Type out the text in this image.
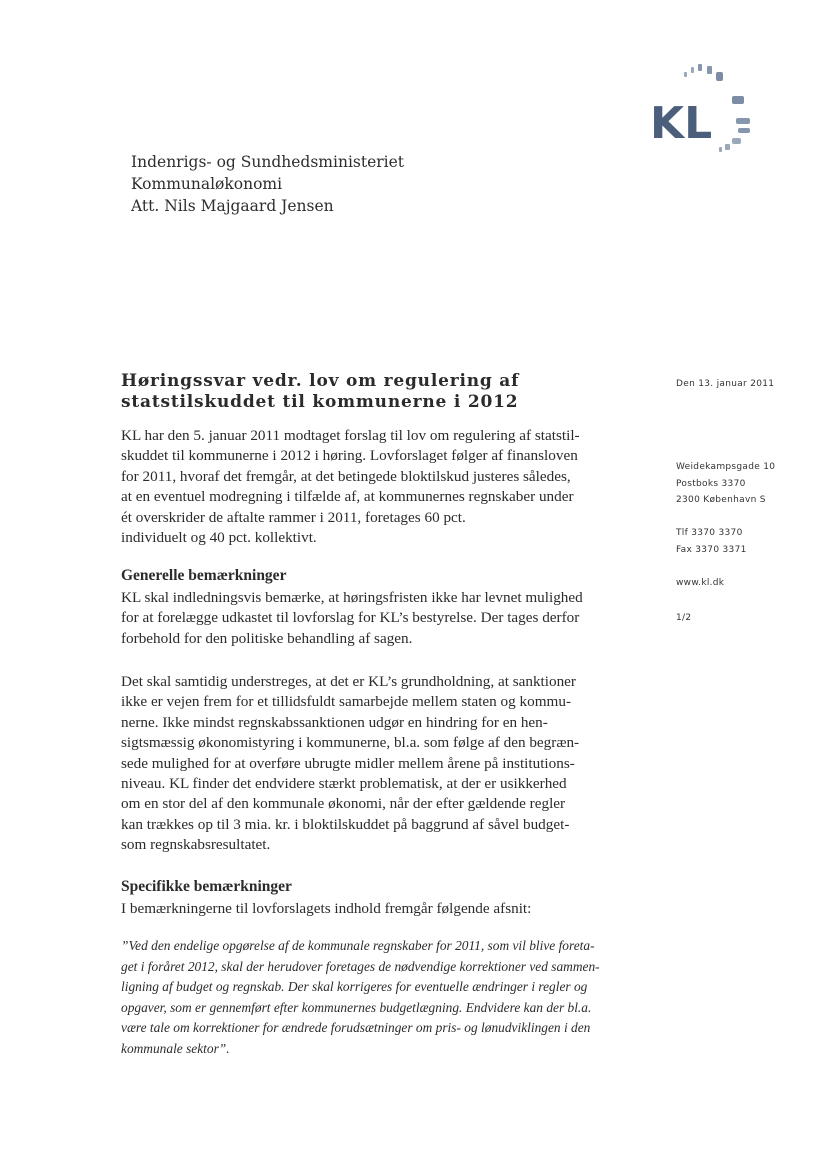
KL
Indenrigs- og Sundhedsministeriet
Kommunaløkonomi
Att. Nils Majgaard Jensen
Høringssvar vedr. lov om regulering af statstilskuddet til kommunerne i 2012

KL har den 5. januar 2011 modtaget forslag til lov om regulering af statstil-
skuddet til kommunerne i 2012 i høring. Lovforslaget følger af finansloven
for 2011, hvoraf det fremgår, at det betingede bloktilskud justeres således,
at en eventuel modregning i tilfælde af, at kommunernes regnskaber under
ét overskrider de aftalte rammer i 2011, foretages 60 pct.
individuelt og 40 pct. kollektivt.

Generelle bemærkninger

KL skal indledningsvis bemærke, at høringsfristen ikke har levnet mulighed
for at forelægge udkastet til lovforslag for KL’s bestyrelse. Der tages derfor
forbehold for den politiske behandling af sagen.

Det skal samtidig understreges, at det er KL’s grundholdning, at sanktioner
ikke er vejen frem for et tillidsfuldt samarbejde mellem staten og kommu-
nerne. Ikke mindst regnskabssanktionen udgør en hindring for en hen-
sigtsmæssig økonomistyring i kommunerne, bl.a. som følge af den begræn-
sede mulighed for at overføre ubrugte midler mellem årene på institutions-
niveau. KL finder det endvidere stærkt problematisk, at der er usikkerhed
om en stor del af den kommunale økonomi, når der efter gældende regler
kan trækkes op til 3 mia. kr. i bloktilskuddet på baggrund af såvel budget-
som regnskabsresultatet.

Specifikke bemærkninger

I bemærkningerne til lovforslagets indhold fremgår følgende afsnit:

”Ved den endelige opgørelse af de kommunale regnskaber for 2011, som vil blive foreta-
get i foråret 2012, skal der herudover foretages de nødvendige korrektioner ved sammen-
ligning af budget og regnskab. Der skal korrigeres for eventuelle ændringer i regler og
opgaver, som er gennemført efter kommunernes budgetlægning. Endvidere kan der bl.a.
være tale om korrektioner for ændrede forudsætninger om pris- og lønudviklingen i den
kommunale sektor”.

Den 13. januar 2011
Weidekampsgade 10
Postboks 3370
2300 København S
Tlf 3370 3370
Fax 3370 3371
www.kl.dk
1/2
